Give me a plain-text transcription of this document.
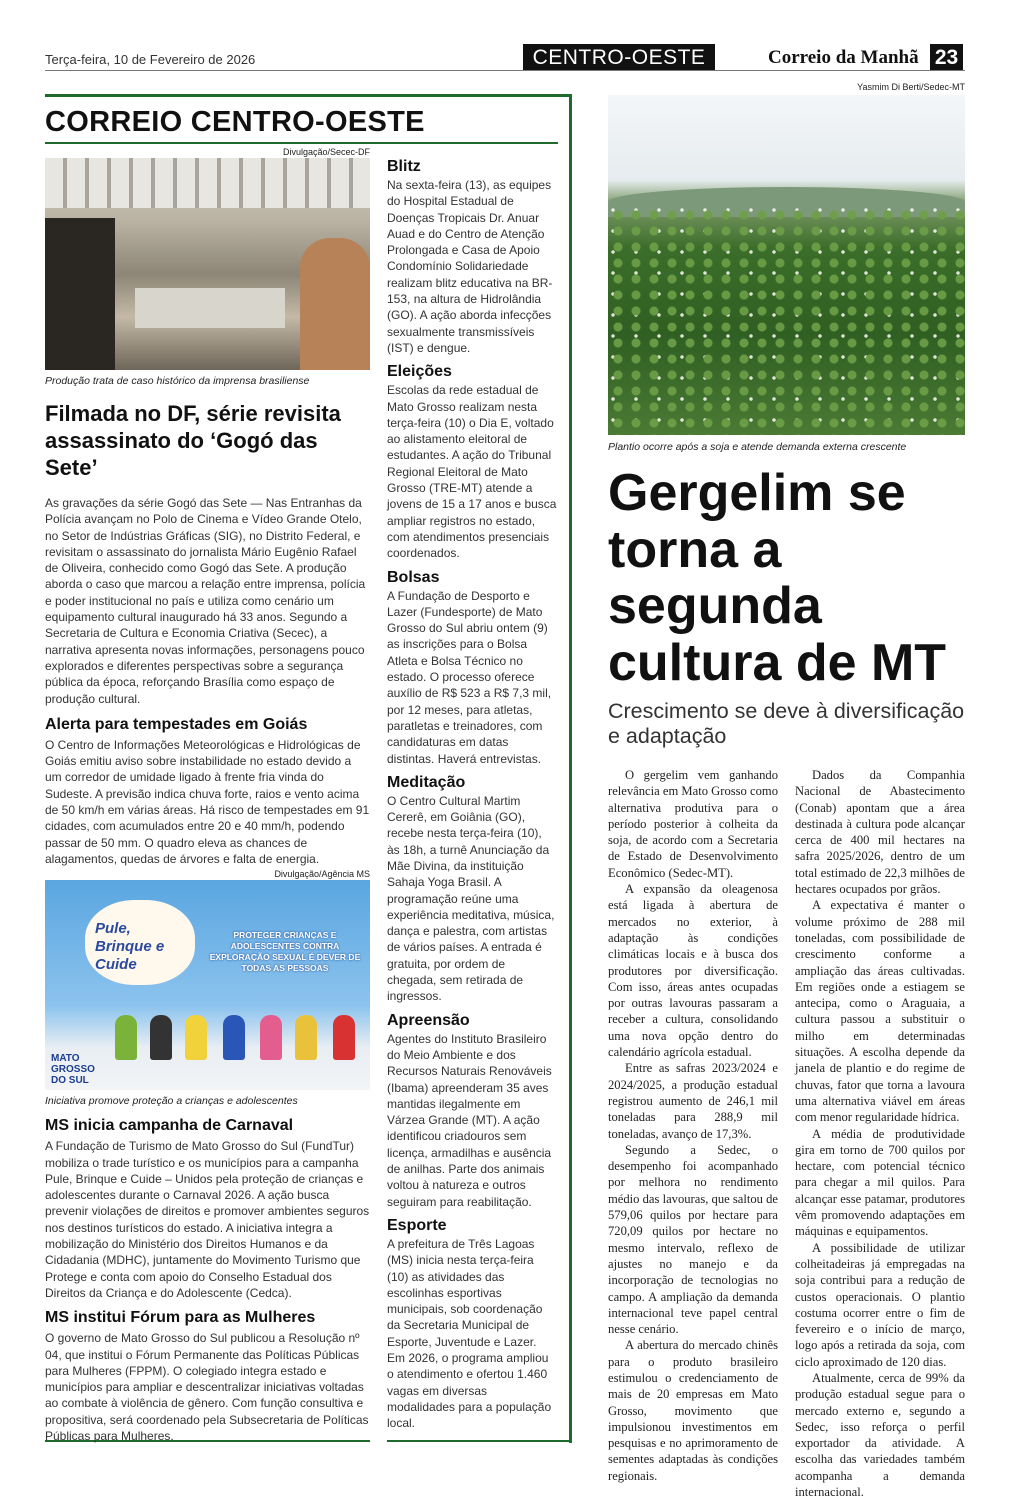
Terça-feira, 10 de Fevereiro de 2026	CENTRO-OESTE	Correio da Manhã 23
CORREIO CENTRO-OESTE
Divulgação/Secec-DF
Produção trata de caso histórico da imprensa brasiliense
Filmada no DF, série revisita assassinato do ‘Gogó das Sete’

As gravações da série Gogó das Sete — Nas Entranhas da Polícia avançam no Polo de Cinema e Vídeo Grande Otelo, no Setor de Indústrias Gráficas (SIG), no Distrito Federal, e revisitam o assassinato do jornalista Mário Eugênio Rafael de Oliveira, conhecido como Gogó das Sete. A produção aborda o caso que marcou a relação entre imprensa, polícia e poder institucional no país e utiliza como cenário um equipamento cultural inaugurado há 33 anos. Segundo a Secretaria de Cultura e Economia Criativa (Secec), a narrativa apresenta novas informações, personagens pouco explorados e diferentes perspectivas sobre a segurança pública da época, reforçando Brasília como espaço de produção cultural.

Alerta para tempestades em Goiás

O Centro de Informações Meteorológicas e Hidrológicas de Goiás emitiu aviso sobre instabilidade no estado devido a um corredor de umidade ligado à frente fria vinda do Sudeste. A previsão indica chuva forte, raios e vento acima de 50 km/h em várias áreas. Há risco de tempestades em 91 cidades, com acumulados entre 20 e 40 mm/h, podendo passar de 50 mm. O quadro eleva as chances de alagamentos, quedas de árvores e falta de energia.

Divulgação/Agência MS
Pule, Brinque e Cuide
PROTEGER CRIANÇAS E ADOLESCENTES CONTRA EXPLORAÇÃO SEXUAL É DEVER DE TODAS AS PESSOAS
MATO GROSSO DO SUL
Iniciativa promove proteção a crianças e adolescentes
MS inicia campanha de Carnaval

A Fundação de Turismo de Mato Grosso do Sul (FundTur) mobiliza o trade turístico e os municípios para a campanha Pule, Brinque e Cuide – Unidos pela proteção de crianças e adolescentes durante o Carnaval 2026. A ação busca prevenir violações de direitos e promover ambientes seguros nos destinos turísticos do estado. A iniciativa integra a mobilização do Ministério dos Direitos Humanos e da Cidadania (MDHC), juntamente do Movimento Turismo que Protege e conta com apoio do Conselho Estadual dos Direitos da Criança e do Adolescente (Cedca).

MS institui Fórum para as Mulheres

O governo de Mato Grosso do Sul publicou a Resolução nº 04, que institui o Fórum Permanente das Políticas Públicas para Mulheres (FPPM). O colegiado integra estado e municípios para ampliar e descentralizar iniciativas voltadas ao combate à violência de gênero. Com função consultiva e propositiva, será coordenado pela Subsecretaria de Políticas Públicas para Mulheres.

Blitz

Na sexta-feira (13), as equipes do Hospital Estadual de Doenças Tropicais Dr. Anuar Auad e do Centro de Atenção Prolongada e Casa de Apoio Condomínio Solidariedade realizam blitz educativa na BR-153, na altura de Hidrolândia (GO). A ação aborda infecções sexualmente transmissíveis (IST) e dengue.

Eleições

Escolas da rede estadual de Mato Grosso realizam nesta terça-feira (10) o Dia E, voltado ao alistamento eleitoral de estudantes. A ação do Tribunal Regional Eleitoral de Mato Grosso (TRE-MT) atende a jovens de 15 a 17 anos e busca ampliar registros no estado, com atendimentos presenciais coordenados.

Bolsas

A Fundação de Desporto e Lazer (Fundesporte) de Mato Grosso do Sul abriu ontem (9) as inscrições para o Bolsa Atleta e Bolsa Técnico no estado. O processo oferece auxílio de R$ 523 a R$ 7,3 mil, por 12 meses, para atletas, paratletas e treinadores, com candidaturas em datas distintas. Haverá entrevistas.

Meditação

O Centro Cultural Martim Cererê, em Goiânia (GO), recebe nesta terça-feira (10), às 18h, a turnê Anunciação da Mãe Divina, da instituição Sahaja Yoga Brasil. A programação reúne uma experiência meditativa, música, dança e palestra, com artistas de vários países. A entrada é gratuita, por ordem de chegada, sem retirada de ingressos.

Apreensão

Agentes do Instituto Brasileiro do Meio Ambiente e dos Recursos Naturais Renováveis (Ibama) apreenderam 35 aves mantidas ilegalmente em Várzea Grande (MT). A ação identificou criadouros sem licença, armadilhas e ausência de anilhas. Parte dos animais voltou à natureza e outros seguiram para reabilitação.

Esporte

A prefeitura de Três Lagoas (MS) inicia nesta terça-feira (10) as atividades das escolinhas esportivas municipais, sob coordenação da Secretaria Municipal de Esporte, Juventude e Lazer. Em 2026, o programa ampliou o atendimento e ofertou 1.460 vagas em diversas modalidades para a população local.

Yasmim Di Berti/Sedec-MT
Plantio ocorre após a soja e atende demanda externa crescente
Gergelim se torna a segunda cultura de MT
Crescimento se deve à diversificação e adaptação

O gergelim vem ganhando relevância em Mato Grosso como alternativa produtiva para o período posterior à colheita da soja, de acordo com a Secretaria de Estado de Desenvolvimento Econômico (Sedec-MT).

A expansão da oleagenosa está ligada à abertura de mercados no exterior, à adaptação às condições climáticas locais e à busca dos produtores por diversificação. Com isso, áreas antes ocupadas por outras lavouras passaram a receber a cultura, consolidando uma nova opção dentro do calendário agrícola estadual.

Entre as safras 2023/2024 e 2024/2025, a produção estadual registrou aumento de 246,1 mil toneladas para 288,9 mil toneladas, avanço de 17,3%.

Segundo a Sedec, o desempenho foi acompanhado por melhora no rendimento médio das lavouras, que saltou de 579,06 quilos por hectare para 720,09 quilos por hectare no mesmo intervalo, reflexo de ajustes no manejo e da incorporação de tecnologias no campo. A ampliação da demanda internacional teve papel central nesse cenário.

A abertura do mercado chinês para o produto brasileiro estimulou o credenciamento de mais de 20 empresas em Mato Grosso, movimento que impulsionou investimentos em pesquisas e no aprimoramento de sementes adaptadas às condições regionais.

Dados da Companhia Nacional de Abastecimento (Conab) apontam que a área destinada à cultura pode alcançar cerca de 400 mil hectares na safra 2025/2026, dentro de um total estimado de 22,3 milhões de hectares ocupados por grãos.

A expectativa é manter o volume próximo de 288 mil toneladas, com possibilidade de crescimento conforme a ampliação das áreas cultivadas. Em regiões onde a estiagem se antecipa, como o Araguaia, a cultura passou a substituir o milho em determinadas situações. A escolha depende da janela de plantio e do regime de chuvas, fator que torna a lavoura uma alternativa viável em áreas com menor regularidade hídrica.

A média de produtividade gira em torno de 700 quilos por hectare, com potencial técnico para chegar a mil quilos. Para alcançar esse patamar, produtores vêm promovendo adaptações em máquinas e equipamentos.

A possibilidade de utilizar colheitadeiras já empregadas na soja contribui para a redução de custos operacionais. O plantio costuma ocorrer entre o fim de fevereiro e o início de março, logo após a retirada da soja, com ciclo aproximado de 120 dias.

Atualmente, cerca de 99% da produção estadual segue para o mercado externo e, segundo a Sedec, isso reforça o perfil exportador da atividade. A escolha das variedades também acompanha a demanda internacional.
